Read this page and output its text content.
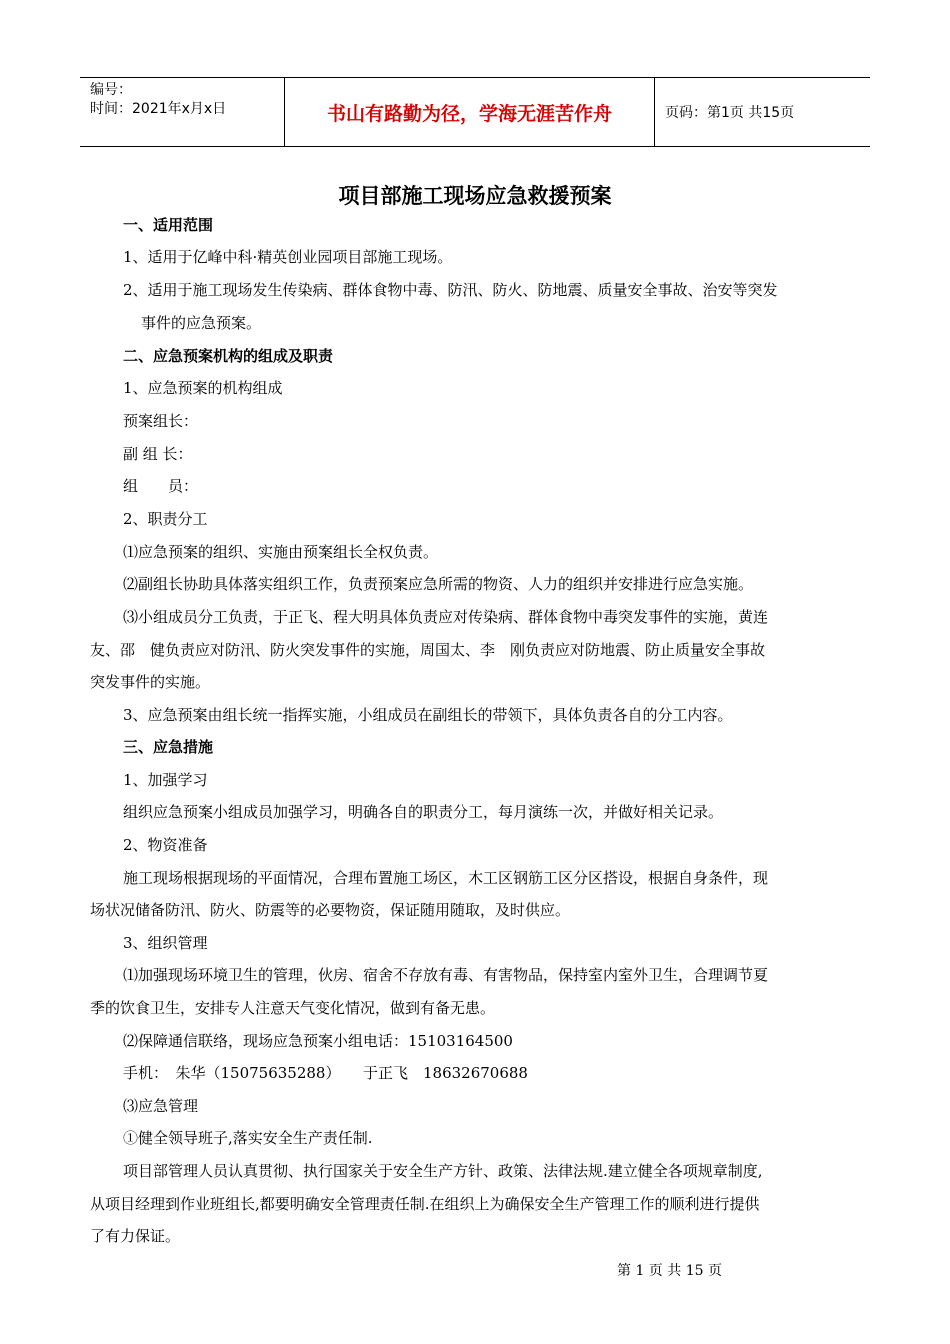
编号：
时间：2021年x月x日	书山有路勤为径，学海无涯苦作舟	页码：第1页 共15页
项目部施工现场应急救援预案
一、适用范围
1、适用于亿峰中科·精英创业园项目部施工现场。
2、适用于施工现场发生传染病、群体食物中毒、防汛、防火、防地震、质量安全事故、治安等突发
事件的应急预案。
二、应急预案机构的组成及职责
1、应急预案的机构组成
预案组长：
副 组 长：
组　　员：
2、职责分工
⑴应急预案的组织、实施由预案组长全权负责。
⑵副组长协助具体落实组织工作，负责预案应急所需的物资、人力的组织并安排进行应急实施。
⑶小组成员分工负责，于正飞、程大明具体负责应对传染病、群体食物中毒突发事件的实施，黄连
友、邵　健负责应对防汛、防火突发事件的实施，周国太、李　刚负责应对防地震、防止质量安全事故
突发事件的实施。
3、应急预案由组长统一指挥实施，小组成员在副组长的带领下，具体负责各自的分工内容。
三、应急措施
1、加强学习
组织应急预案小组成员加强学习，明确各自的职责分工，每月演练一次，并做好相关记录。
2、物资准备
施工现场根据现场的平面情况，合理布置施工场区，木工区钢筋工区分区搭设，根据自身条件，现
场状况储备防汛、防火、防震等的必要物资，保证随用随取，及时供应。
3、组织管理
⑴加强现场环境卫生的管理，伙房、宿舍不存放有毒、有害物品，保持室内室外卫生，合理调节夏
季的饮食卫生，安排专人注意天气变化情况，做到有备无患。
⑵保障通信联络，现场应急预案小组电话：15103164500
手机：　朱华（15075635288）　　于正飞　18632670688
⑶应急管理
①健全领导班子,落实安全生产责任制.
项目部管理人员认真贯彻、执行国家关于安全生产方针、政策、法律法规.建立健全各项规章制度,
从项目经理到作业班组长,都要明确安全管理责任制.在组织上为确保安全生产管理工作的顺利进行提供
了有力保证。
第 1 页 共 15 页
